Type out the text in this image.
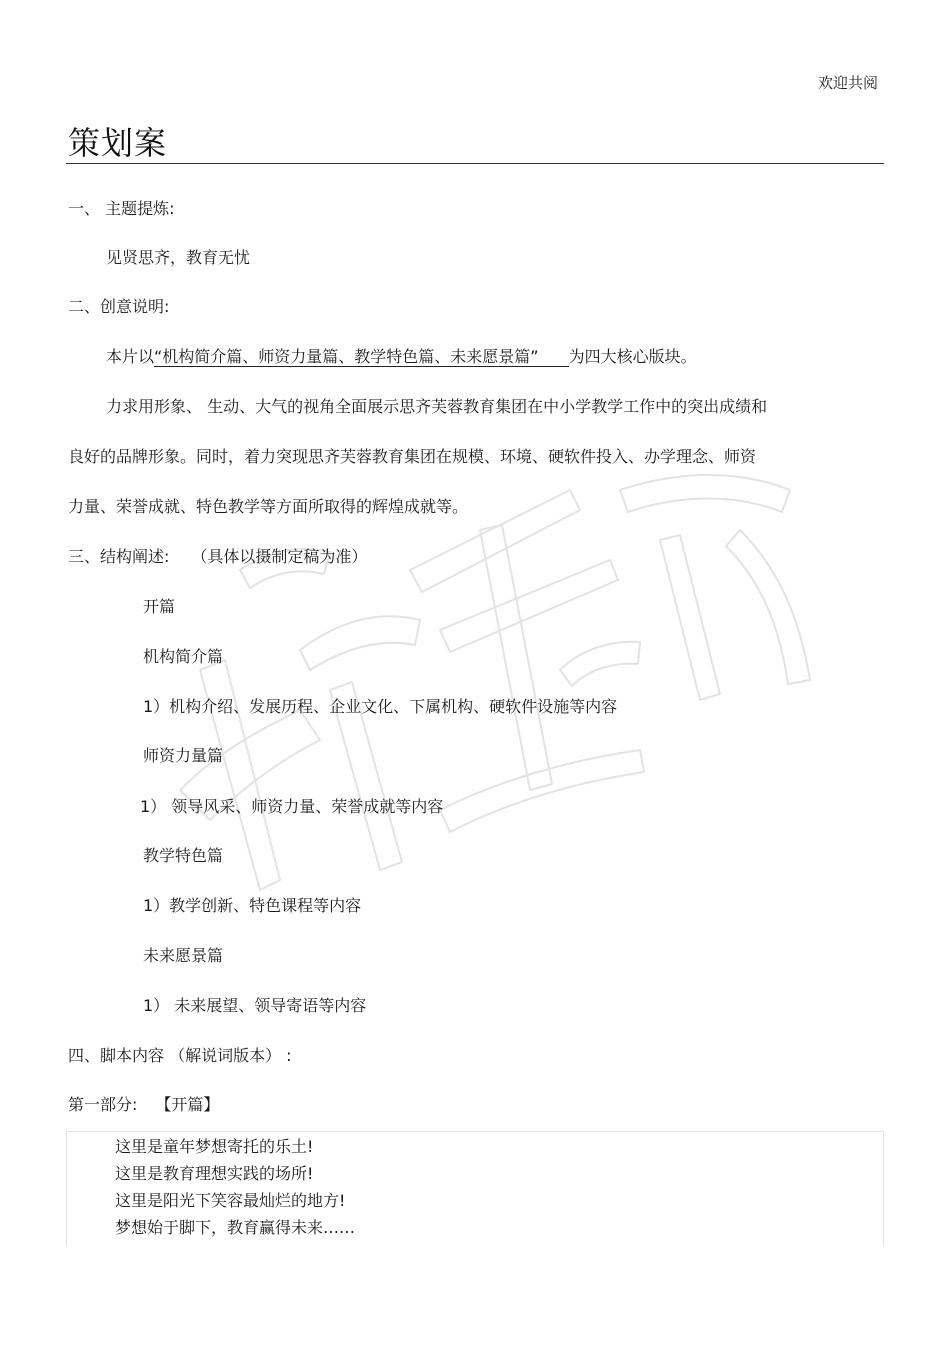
欢迎共阅
策划案
一、 主题提炼:
见贤思齐，教育无忧
二、创意说明:
本片以“机构简介篇、师资力量篇、教学特色篇、未来愿景篇” 为四大核心版块。
力求用形象、 生动、大气的视角全面展示思齐芙蓉教育集团在中小学教学工作中的突出成绩和
良好的品牌形象。同时，着力突现思齐芙蓉教育集团在规模、环境、硬软件投入、办学理念、师资
力量、荣誉成就、特色教学等方面所取得的辉煌成就等。
三、结构阐述: （具体以摄制定稿为准）
开篇
机构简介篇
1）机构介绍、发展历程、企业文化、下属机构、硬软件设施等内容
师资力量篇
1） 领导风采、师资力量、荣誉成就等内容
教学特色篇
1）教学创新、特色课程等内容
未来愿景篇
1） 未来展望、领导寄语等内容
四、脚本内容 （解说词版本） :
第一部分: 【开篇】
这里是童年梦想寄托的乐土!
这里是教育理想实践的场所!
这里是阳光下笑容最灿烂的地方!
梦想始于脚下，教育赢得未来……
